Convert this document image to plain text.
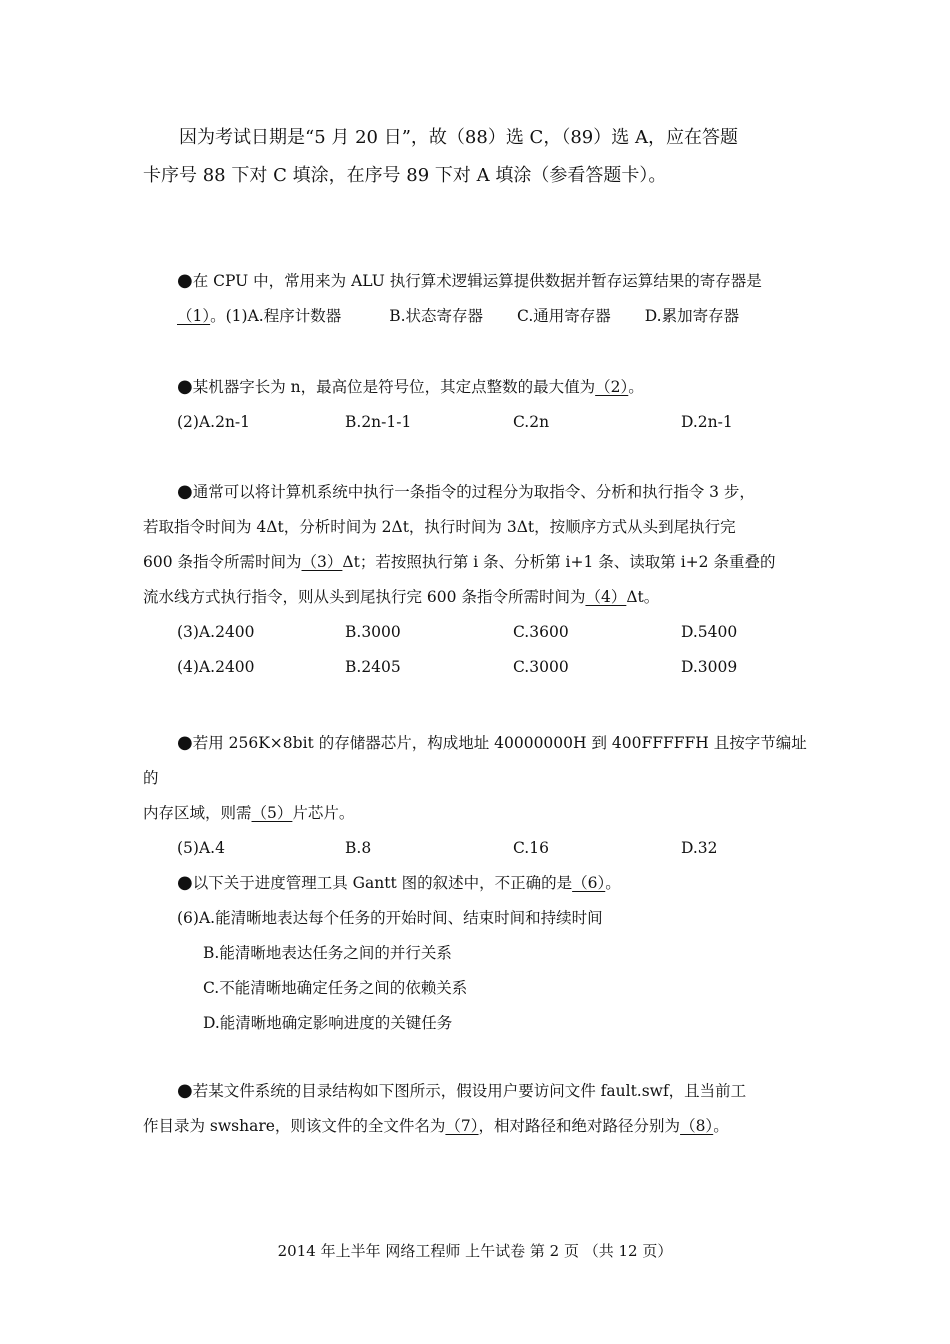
因为考试日期是“5 月 20 日”，故（88）选 C，（89）选 A，应在答题

卡序号 88 下对 C 填涂，在序号 89 下对 A 填涂（参看答题卡）。

●在 CPU 中，常用来为 ALU 执行算术逻辑运算提供数据并暂存运算结果的寄存器是

（1）。(1)A.程序计数器	B.状态寄存器 C.通用寄存器 D.累加寄存器

●某机器字长为 n，最高位是符号位，其定点整数的最大值为（2）。

(2)A.2n-1	B.2n-1-1	C.2n	D.2n-1

●通常可以将计算机系统中执行一条指令的过程分为取指令、分析和执行指令 3 步，

若取指令时间为 4Δt，分析时间为 2Δt，执行时间为 3Δt，按顺序方式从头到尾执行完

600 条指令所需时间为（3）Δt；若按照执行第 i 条、分析第 i+1 条、读取第 i+2 条重叠的

流水线方式执行指令，则从头到尾执行完 600 条指令所需时间为（4）Δt。

(3)A.2400	B.3000	C.3600	D.5400
(4)A.2400	B.2405	C.3000	D.3009

●若用 256K×8bit 的存储器芯片，构成地址 40000000H 到 400FFFFFH 且按字节编址的

内存区域，则需（5）片芯片。

(5)A.4	B.8	C.16	D.32

●以下关于进度管理工具 Gantt 图的叙述中，不正确的是（6）。

(6)A.能清晰地表达每个任务的开始时间、结束时间和持续时间

B.能清晰地表达任务之间的并行关系

C.不能清晰地确定任务之间的依赖关系

D.能清晰地确定影响进度的关键任务

●若某文件系统的目录结构如下图所示，假设用户要访问文件 fault.swf，且当前工

作目录为 swshare，则该文件的全文件名为（7），相对路径和绝对路径分别为（8）。

2014 年上半年 网络工程师 上午试卷 第 2 页 （共 12 页）
